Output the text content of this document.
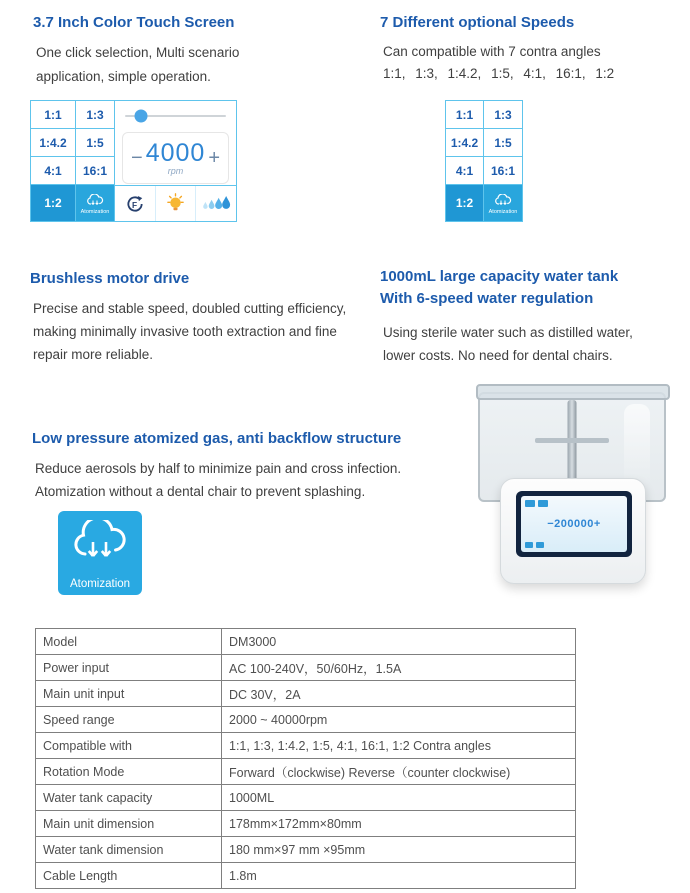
3.7 Inch Color Touch Screen
One click selection, Multi scenario
application, simple operation.
7 Different optional Speeds
Can compatible with 7 contra angles
1:1, 1:3, 1:4.2, 1:5, 4:1, 16:1, 1:2
1:1	1:3
1:4.2	1:5
4:1	16:1
1:2
Atomization
− 4000
rpm
+
F
1:1	1:3
1:4.2	1:5
4:1	16:1
1:2
Atomization
Brushless motor drive
Precise and stable speed, doubled cutting efficiency, making minimally invasive tooth extraction and fine repair more reliable.
1000mL large capacity water tank
With 6-speed water regulation
Using sterile water such as distilled water,
lower costs. No need for dental chairs.
Low pressure atomized gas, anti backflow structure
Reduce aerosols by half to minimize pain and cross infection.
Atomization without a dental chair to prevent splashing.
Atomization
−200000+
Model	DM3000
Power input	AC 100-240V，50/60Hz，1.5A
Main unit input	DC 30V，2A
Speed range	2000 ~ 40000rpm
Compatible with	1:1, 1:3, 1:4.2, 1:5, 4:1, 16:1, 1:2 Contra angles
Rotation Mode	Forward（clockwise) Reverse（counter clockwise)
Water tank capacity	1000ML
Main unit dimension	178mm×172mm×80mm
Water tank dimension	180 mm×97 mm ×95mm
Cable Length	1.8m
